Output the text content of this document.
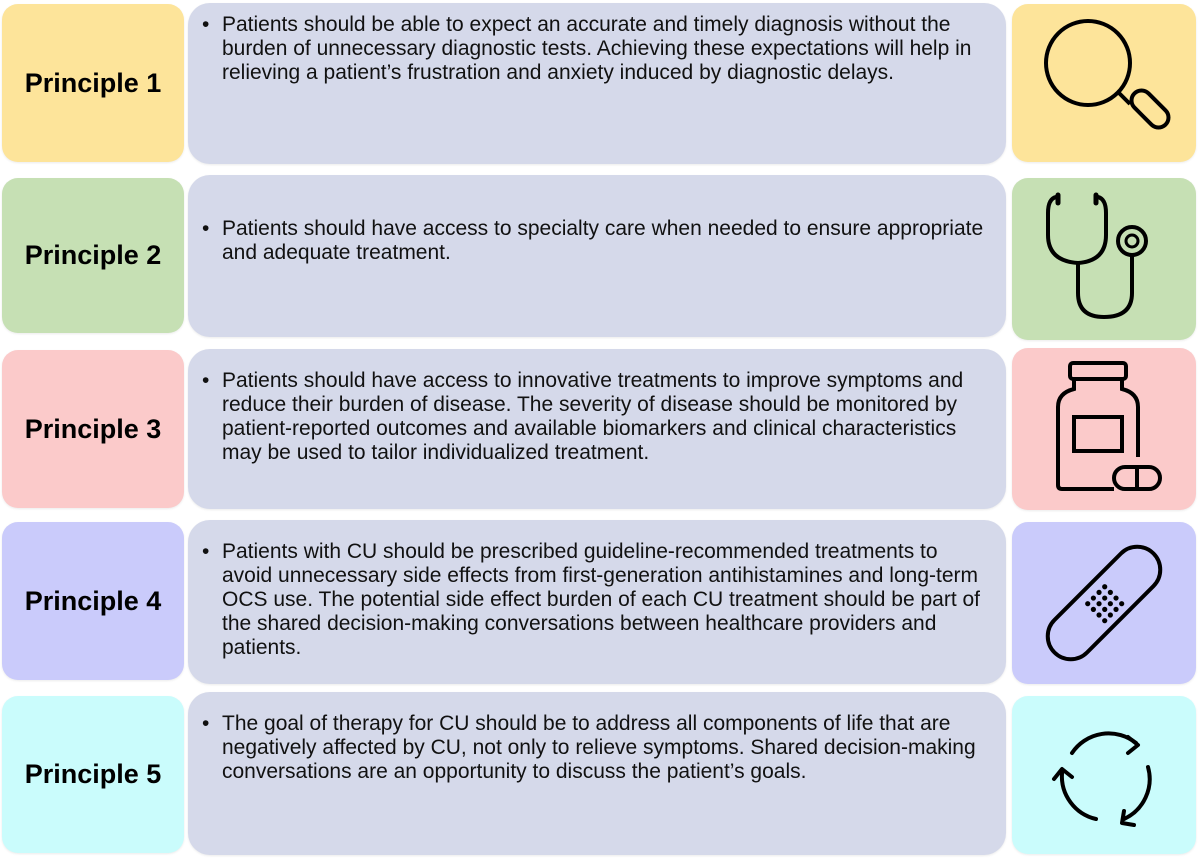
Principle 1
• Patients should be able to expect an accurate and timely diagnosis without the burden of unnecessary diagnostic tests. Achieving these expectations will help in relieving a patient’s frustration and anxiety induced by diagnostic delays.
Principle 2
• Patients should have access to specialty care when needed to ensure appropriate and adequate treatment.
Principle 3
• Patients should have access to innovative treatments to improve symptoms and reduce their burden of disease. The severity of disease should be monitored by patient-reported outcomes and available biomarkers and clinical characteristics may be used to tailor individualized treatment.
Principle 4
• Patients with CU should be prescribed guideline-recommended treatments to avoid unnecessary side effects from first-generation antihistamines and long-term OCS use. The potential side effect burden of each CU treatment should be part of the shared decision-making conversations between healthcare providers and patients.
Principle 5
• The goal of therapy for CU should be to address all components of life that are negatively affected by CU, not only to relieve symptoms. Shared decision-making conversations are an opportunity to discuss the patient’s goals.
